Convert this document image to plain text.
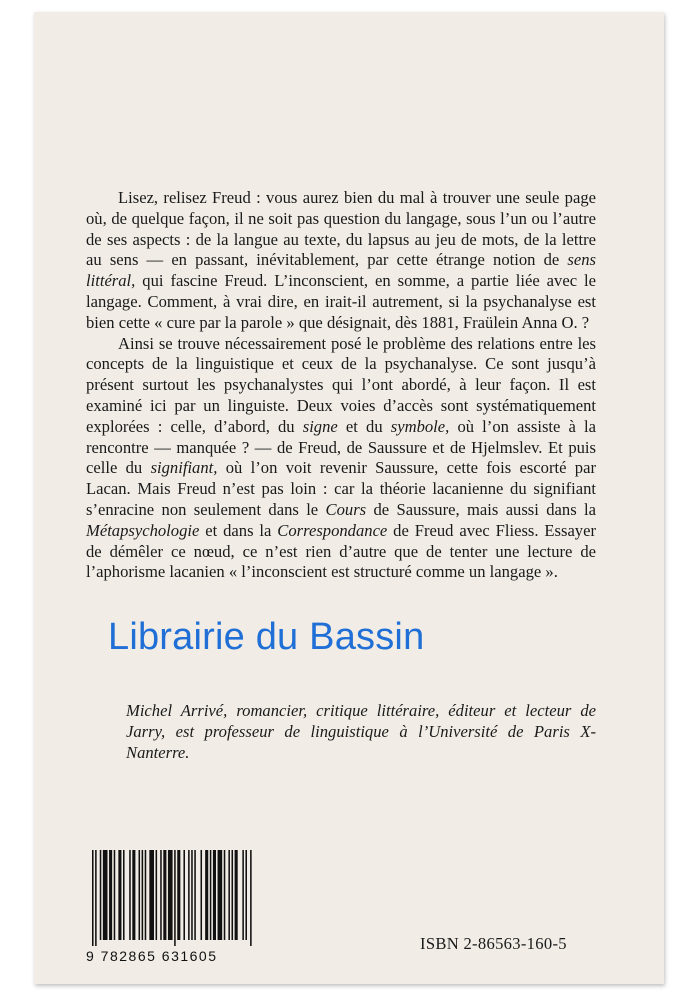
Lisez, relisez Freud : vous aurez bien du mal à trouver une seule page où, de quelque façon, il ne soit pas question du langage, sous l’un ou l’autre de ses aspects : de la langue au texte, du lapsus au jeu de mots, de la lettre au sens — en passant, inévitablement, par cette étrange notion de sens littéral, qui fascine Freud. L’inconscient, en somme, a partie liée avec le langage. Comment, à vrai dire, en irait-il autrement, si la psychanalyse est bien cette « cure par la parole » que désignait, dès 1881, Fraülein Anna O. ?

Ainsi se trouve nécessairement posé le problème des relations entre les concepts de la linguistique et ceux de la psychanalyse. Ce sont jusqu’à présent surtout les psychanalystes qui l’ont abordé, à leur façon. Il est examiné ici par un linguiste. Deux voies d’accès sont systématiquement explorées : celle, d’abord, du signe et du symbole, où l’on assiste à la rencontre — manquée ? — de Freud, de Saussure et de Hjelmslev. Et puis celle du signifiant, où l’on voit revenir Saussure, cette fois escorté par Lacan. Mais Freud n’est pas loin : car la théorie lacanienne du signifiant s’enracine non seulement dans le Cours de Saussure, mais aussi dans la Métapsychologie et dans la Correspondance de Freud avec Fliess. Essayer de démêler ce nœud, ce n’est rien d’autre que de tenter une lecture de l’aphorisme lacanien « l’inconscient est structuré comme un langage ».

Librairie du Bassin
Michel Arrivé, romancier, critique littéraire, éditeur et lecteur de Jarry, est professeur de linguistique à l’Université de Paris X-Nanterre.
9 782865 631605
ISBN 2-86563-160-5
